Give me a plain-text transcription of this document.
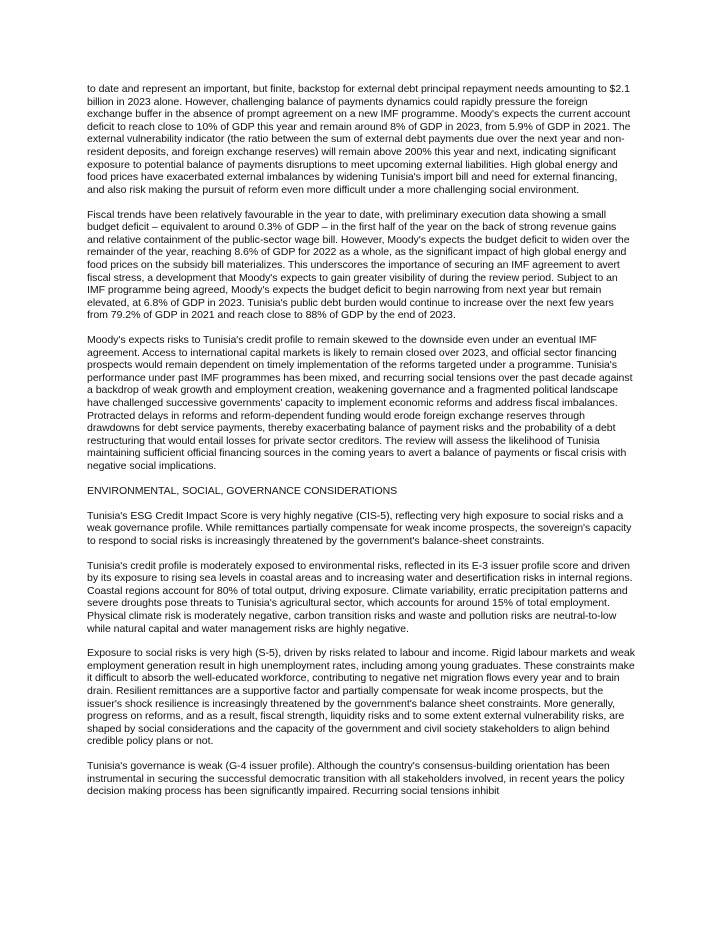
to date and represent an important, but finite, backstop for external debt principal repayment needs amounting to $2.1 billion in 2023 alone. However, challenging balance of payments dynamics could rapidly pressure the foreign exchange buffer in the absence of prompt agreement on a new IMF programme. Moody's expects the current account deficit to reach close to 10% of GDP this year and remain around 8% of GDP in 2023, from 5.9% of GDP in 2021. The external vulnerability indicator (the ratio between the sum of external debt payments due over the next year and non-resident deposits, and foreign exchange reserves) will remain above 200% this year and next, indicating significant exposure to potential balance of payments disruptions to meet upcoming external liabilities. High global energy and food prices have exacerbated external imbalances by widening Tunisia's import bill and need for external financing, and also risk making the pursuit of reform even more difficult under a more challenging social environment.

Fiscal trends have been relatively favourable in the year to date, with preliminary execution data showing a small budget deficit – equivalent to around 0.3% of GDP – in the first half of the year on the back of strong revenue gains and relative containment of the public-sector wage bill. However, Moody's expects the budget deficit to widen over the remainder of the year, reaching 8.6% of GDP for 2022 as a whole, as the significant impact of high global energy and food prices on the subsidy bill materializes. This underscores the importance of securing an IMF agreement to avert fiscal stress, a development that Moody's expects to gain greater visibility of during the review period. Subject to an IMF programme being agreed, Moody's expects the budget deficit to begin narrowing from next year but remain elevated, at 6.8% of GDP in 2023. Tunisia's public debt burden would continue to increase over the next few years from 79.2% of GDP in 2021 and reach close to 88% of GDP by the end of 2023.

Moody's expects risks to Tunisia's credit profile to remain skewed to the downside even under an eventual IMF agreement. Access to international capital markets is likely to remain closed over 2023, and official sector financing prospects would remain dependent on timely implementation of the reforms targeted under a programme. Tunisia's performance under past IMF programmes has been mixed, and recurring social tensions over the past decade against a backdrop of weak growth and employment creation, weakening governance and a fragmented political landscape have challenged successive governments' capacity to implement economic reforms and address fiscal imbalances. Protracted delays in reforms and reform-dependent funding would erode foreign exchange reserves through drawdowns for debt service payments, thereby exacerbating balance of payment risks and the probability of a debt restructuring that would entail losses for private sector creditors. The review will assess the likelihood of Tunisia maintaining sufficient official financing sources in the coming years to avert a balance of payments or fiscal crisis with negative social implications.

ENVIRONMENTAL, SOCIAL, GOVERNANCE CONSIDERATIONS

Tunisia's ESG Credit Impact Score is very highly negative (CIS-5), reflecting very high exposure to social risks and a weak governance profile. While remittances partially compensate for weak income prospects, the sovereign's capacity to respond to social risks is increasingly threatened by the government's balance-sheet constraints.

Tunisia's credit profile is moderately exposed to environmental risks, reflected in its E-3 issuer profile score and driven by its exposure to rising sea levels in coastal areas and to increasing water and desertification risks in internal regions. Coastal regions account for 80% of total output, driving exposure. Climate variability, erratic precipitation patterns and severe droughts pose threats to Tunisia's agricultural sector, which accounts for around 15% of total employment. Physical climate risk is moderately negative, carbon transition risks and waste and pollution risks are neutral-to-low while natural capital and water management risks are highly negative.

Exposure to social risks is very high (S-5), driven by risks related to labour and income. Rigid labour markets and weak employment generation result in high unemployment rates, including among young graduates. These constraints make it difficult to absorb the well-educated workforce, contributing to negative net migration flows every year and to brain drain. Resilient remittances are a supportive factor and partially compensate for weak income prospects, but the issuer's shock resilience is increasingly threatened by the government's balance sheet constraints. More generally, progress on reforms, and as a result, fiscal strength, liquidity risks and to some extent external vulnerability risks, are shaped by social considerations and the capacity of the government and civil society stakeholders to align behind credible policy plans or not.

Tunisia's governance is weak (G-4 issuer profile). Although the country's consensus-building orientation has been instrumental in securing the successful democratic transition with all stakeholders involved, in recent years the policy decision making process has been significantly impaired. Recurring social tensions inhibit
